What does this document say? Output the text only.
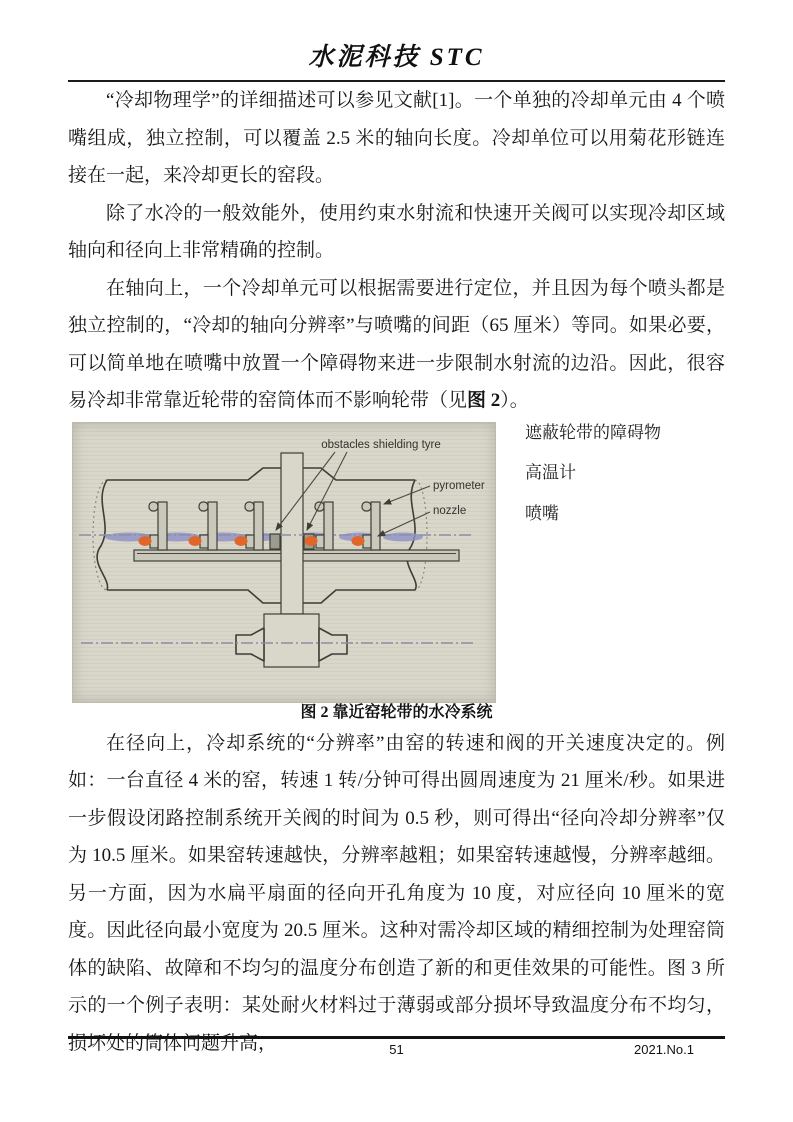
水泥科技 STC

“冷却物理学”的详细描述可以参见文献[1]。一个单独的冷却单元由 4 个喷嘴组成，独立控制，可以覆盖 2.5 米的轴向长度。冷却单位可以用菊花形链连接在一起，来冷却更长的窑段。

除了水冷的一般效能外，使用约束水射流和快速开关阀可以实现冷却区域轴向和径向上非常精确的控制。

在轴向上，一个冷却单元可以根据需要进行定位，并且因为每个喷头都是独立控制的，“冷却的轴向分辨率”与喷嘴的间距（65 厘米）等同。如果必要，可以简单地在喷嘴中放置一个障碍物来进一步限制水射流的边沿。因此，很容易冷却非常靠近轮带的窑筒体而不影响轮带（见图 2）。

obstacles shielding tyre
pyrometer
nozzle
遮蔽轮带的障碍物
高温计
喷嘴
图 2 靠近窑轮带的水冷系统

在径向上，冷却系统的“分辨率”由窑的转速和阀的开关速度决定的。例如：一台直径 4 米的窑，转速 1 转/分钟可得出圆周速度为 21 厘米/秒。如果进一步假设闭路控制系统开关阀的时间为 0.5 秒，则可得出“径向冷却分辨率”仅为 10.5 厘米。如果窑转速越快，分辨率越粗；如果窑转速越慢，分辨率越细。另一方面，因为水扁平扇面的径向开孔角度为 10 度，对应径向 10 厘米的宽度。因此径向最小宽度为 20.5 厘米。这种对需冷却区域的精细控制为处理窑筒体的缺陷、故障和不均匀的温度分布创造了新的和更佳效果的可能性。图 3 所示的一个例子表明：某处耐火材料过于薄弱或部分损坏导致温度分布不均匀，损坏处的筒体问题升高，	51	2021.No.1
